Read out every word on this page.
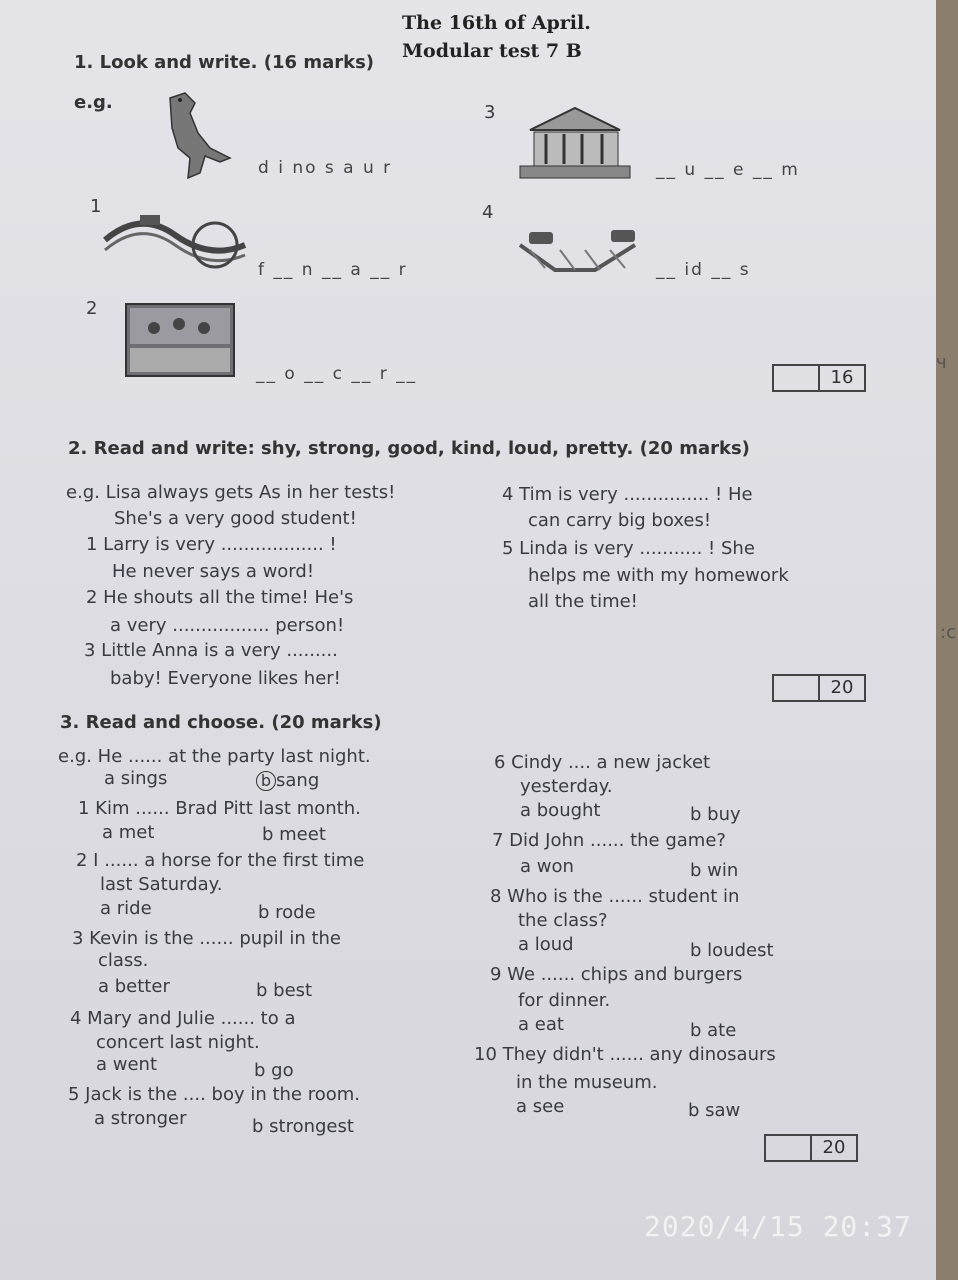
ч
:c
The 16th of April.
Modular test 7 B
1. Look and write. (16 marks)
e.g.
d i no s a u r
1
f __ n __ a __ r
2
__ o __ c __ r __
3
__ u __ e __ m
4
__ id __ s
16
2. Read and write: shy, strong, good, kind, loud, pretty. (20 marks)
e.g. Lisa always gets As in her tests!
She's a very good student!
1 Larry is very .................. !
He never says a word!
2 He shouts all the time! He's
a very ................. person!
3 Little Anna is a very .........
baby! Everyone likes her!
4 Tim is very ............... ! He
can carry big boxes!
5 Linda is very ........... ! She
helps me with my homework
all the time!
20
3. Read and choose. (20 marks)
e.g. He ...... at the party last night.
a sings	b sang
1 Kim ...... Brad Pitt last month.
a met	b meet
2 I ...... a horse for the first time
last Saturday.
a ride	b rode
3 Kevin is the ...... pupil in the
class.
a better	b best
4 Mary and Julie ...... to a
concert last night.
a went	b go
5 Jack is the .... boy in the room.
a stronger	b strongest
6 Cindy .... a new jacket
yesterday.
a bought	b buy
7 Did John ...... the game?
a won	b win
8 Who is the ...... student in
the class?
a loud	b loudest
9 We ...... chips and burgers
for dinner.
a eat	b ate
10 They didn't ...... any dinosaurs
in the museum.
a see	b saw
20
2020/4/15 20:37
